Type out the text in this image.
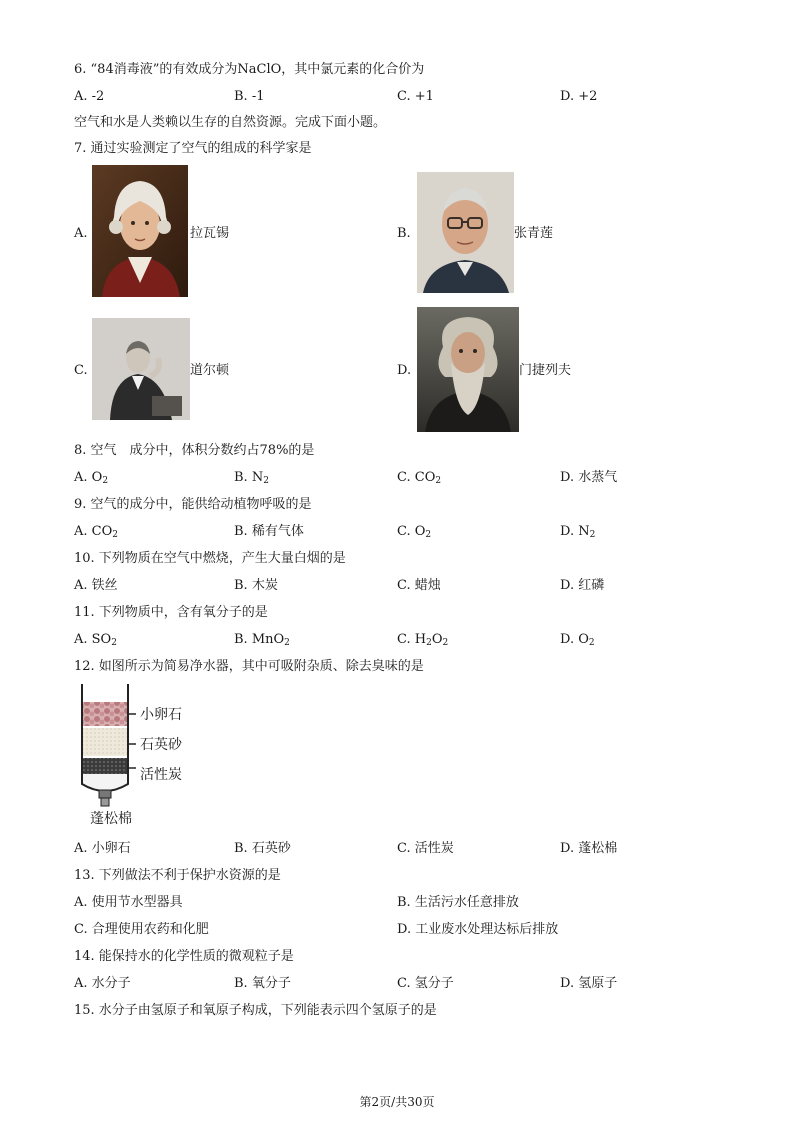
6. “84消毒液”的有效成分为NaClO，其中氯元素的化合价为
A. -2	B. -1	C. +1	D. +2
空气和水是人类赖以生存的自然资源。完成下面小题。
7. 通过实验测定了空气的组成的科学家是
A.	拉瓦锡	B.	张青莲
C.	道尔顿	D.	门捷列夫
8. 空气　成分中，体积分数约占78%的是
A. $O_2$	B. $N_2$	C. $CO_2$	D. 水蒸气
9. 空气的成分中，能供给动植物呼吸的是
A. $CO_2$	B. 稀有气体	C. $O_2$	D. $N_2$
10. 下列物质在空气中燃烧，产生大量白烟的是
A. 铁丝	B. 木炭	C. 蜡烛	D. 红磷
11. 下列物质中，含有氧分子的是
A. $SO_2$	B. MnO$_2$	C. $H_2O_2$	D. $O_2$
12. 如图所示为简易净水器，其中可吸附杂质、除去臭味的是
小卵石
石英砂
活性炭
蓬松棉
A. 小卵石	B. 石英砂	C. 活性炭	D. 蓬松棉
13. 下列做法不利于保护水资源的是
A. 使用节水型器具	B. 生活污水任意排放
C. 合理使用农药和化肥	D. 工业废水处理达标后排放
14. 能保持水的化学性质的微观粒子是
A. 水分子	B. 氧分子	C. 氢分子	D. 氢原子
15. 水分子由氢原子和氧原子构成，下列能表示四个氢原子的是
第2页/共30页
